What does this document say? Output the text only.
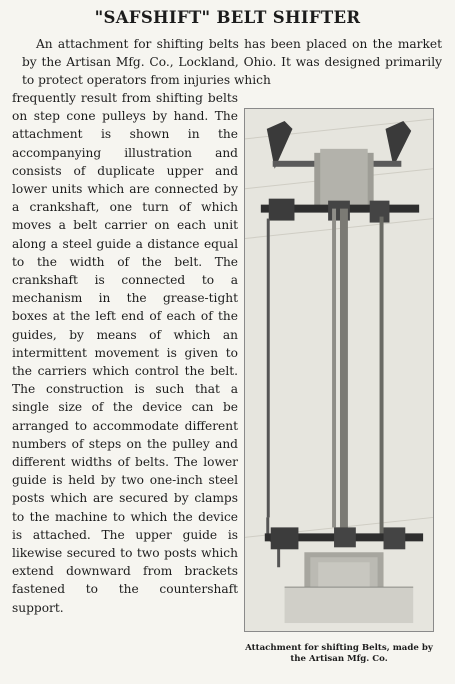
"SAFSHIFT" BELT SHIFTER
An attachment for shifting belts has been placed on the market by the Artisan Mfg. Co., Lockland, Ohio. It was designed primarily to protect operators from injuries which
frequently result from shifting belts on step cone pulleys by hand. The attachment is shown in the accompanying illustration and consists of duplicate upper and lower units which are connected by a crankshaft, one turn of which moves a belt carrier on each unit along a steel guide a distance equal to the width of the belt. The crankshaft is connected to a mechanism in the grease-tight boxes at the left end of each of the guides, by means of which an intermittent movement is given to the carriers which control the belt. The construction is such that a single size of the device can be arranged to accommodate different numbers of steps on the pulley and different widths of belts. The lower guide is held by two one-inch steel posts which are secured by clamps to the machine to which the device is attached. The upper guide is likewise secured to two posts which extend downward from brackets fastened to the countershaft support.
Attachment for shifting Belts, made by the Artisan Mfg. Co.
